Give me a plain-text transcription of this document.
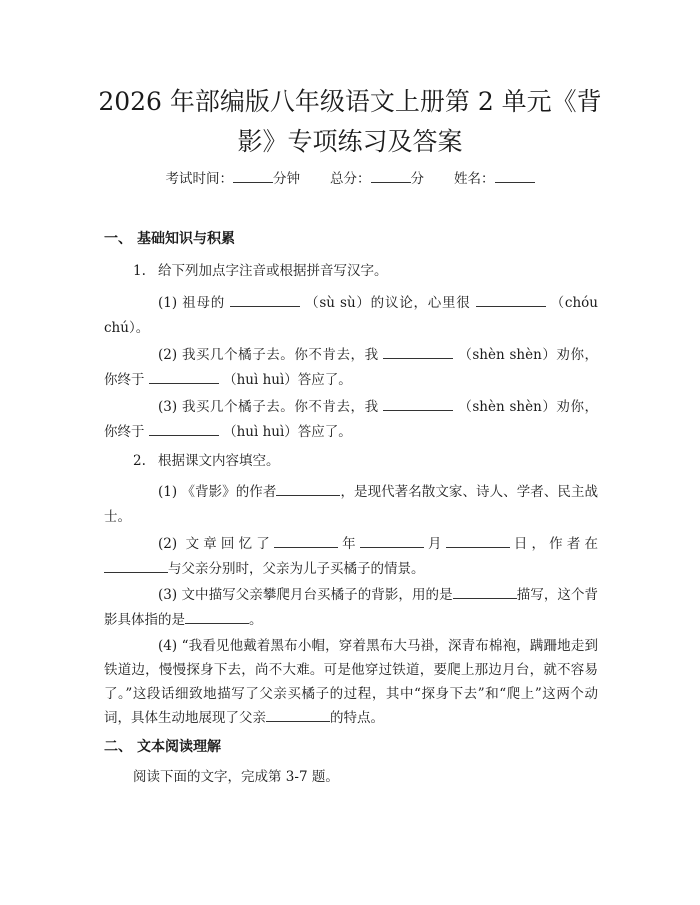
2026 年部编版八年级语文上册第 2 单元《背
影》专项练习及答案
考试时间：	分钟 总分：	分 姓名：
一、 基础知识与积累
1. 给下列加点字注音或根据拼音写汉字。
(1) 祖母的	（sù sù）的议论，心里很	（chóu chú）。
(2) 我买几个橘子去。你不肯去，我	（shèn shèn）劝你， 你终于	（huì huì）答应了。
(3) 我买几个橘子去。你不肯去，我	（shèn shèn）劝你， 你终于	（huì huì）答应了。
2. 根据课文内容填空。
(1) 《背影》的作者	，是现代著名散文家、诗人、学者、民主战士。
(2) 文章回忆了	年	月	日，作者在与父亲分别时，父亲为儿子买橘子的情景。
(3) 文中描写父亲攀爬月台买橘子的背影，用的是	描写，这个背影具体指的是	。
(4) “我看见他戴着黑布小帽，穿着黑布大马褂，深青布棉袍，蹒跚地走到铁道边，慢慢探身下去，尚不大难。可是他穿过铁道，要爬上那边月台，就不容易了。”这段话细致地描写了父亲买橘子的过程，其中“探身下去”和“爬上”这两个动词，具体生动地展现了父亲	的特点。
二、 文本阅读理解
阅读下面的文字，完成第 3-7 题。
